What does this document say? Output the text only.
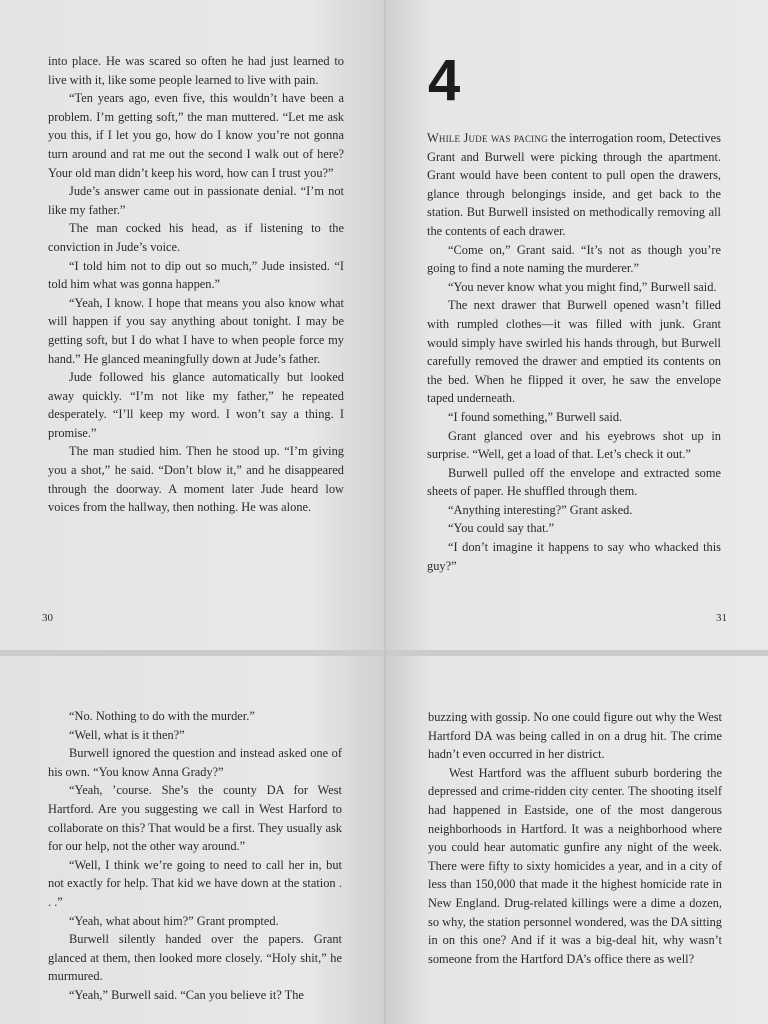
into place. He was scared so often he had just learned to live with it, like some people learned to live with pain.

“Ten years ago, even five, this wouldn’t have been a problem. I’m getting soft,” the man muttered. “Let me ask you this, if I let you go, how do I know you’re not gonna turn around and rat me out the second I walk out of here? Your old man didn’t keep his word, how can I trust you?”

Jude’s answer came out in passionate denial. “I’m not like my father.”

The man cocked his head, as if listening to the conviction in Jude’s voice.

“I told him not to dip out so much,” Jude insisted. “I told him what was gonna happen.”

“Yeah, I know. I hope that means you also know what will happen if you say anything about tonight. I may be getting soft, but I do what I have to when people force my hand.” He glanced meaningfully down at Jude’s father.

Jude followed his glance automatically but looked away quickly. “I’m not like my father,” he repeated desperately. “I’ll keep my word. I won’t say a thing. I promise.”

The man studied him. Then he stood up. “I’m giving you a shot,” he said. “Don’t blow it,” and he disappeared through the doorway. A moment later Jude heard low voices from the hallway, then nothing. He was alone.

30

While Jude was pacing the interrogation room, Detectives Grant and Burwell were picking through the apartment. Grant would have been content to pull open the drawers, glance through belongings inside, and get back to the station. But Burwell insisted on methodically removing all the contents of each drawer.

“Come on,” Grant said. “It’s not as though you’re going to find a note naming the murderer.”

“You never know what you might find,” Burwell said.

The next drawer that Burwell opened wasn’t filled with rumpled clothes—it was filled with junk. Grant would simply have swirled his hands through, but Burwell carefully removed the drawer and emptied its contents on the bed. When he flipped it over, he saw the envelope taped underneath.

“I found something,” Burwell said.

Grant glanced over and his eyebrows shot up in surprise. “Well, get a load of that. Let’s check it out.”

Burwell pulled off the envelope and extracted some sheets of paper. He shuffled through them.

“Anything interesting?” Grant asked.

“You could say that.”

“I don’t imagine it happens to say who whacked this guy?”

31
4

“No. Nothing to do with the murder.”

“Well, what is it then?”

Burwell ignored the question and instead asked one of his own. “You know Anna Grady?”

“Yeah, ’course. She’s the county DA for West Hartford. Are you suggesting we call in West Harford to collaborate on this? That would be a first. They usually ask for our help, not the other way around.”

“Well, I think we’re going to need to call her in, but not exactly for help. That kid we have down at the station . . .”

“Yeah, what about him?” Grant prompted.

Burwell silently handed over the papers. Grant glanced at them, then looked more closely. “Holy shit,” he murmured.

“Yeah,” Burwell said. “Can you believe it? The

buzzing with gossip. No one could figure out why the West Hartford DA was being called in on a drug hit. The crime hadn’t even occurred in her district.

West Hartford was the affluent suburb bordering the depressed and crime-ridden city center. The shooting itself had happened in Eastside, one of the most dangerous neighborhoods in Hartford. It was a neighborhood where you could hear automatic gunfire any night of the week. There were fifty to sixty homicides a year, and in a city of less than 150,000 that made it the highest homicide rate in New England. Drug-related killings were a dime a dozen, so why, the station personnel wondered, was the DA sitting in on this one? And if it was a big-deal hit, why wasn’t someone from the Hartford DA’s office there as well?
